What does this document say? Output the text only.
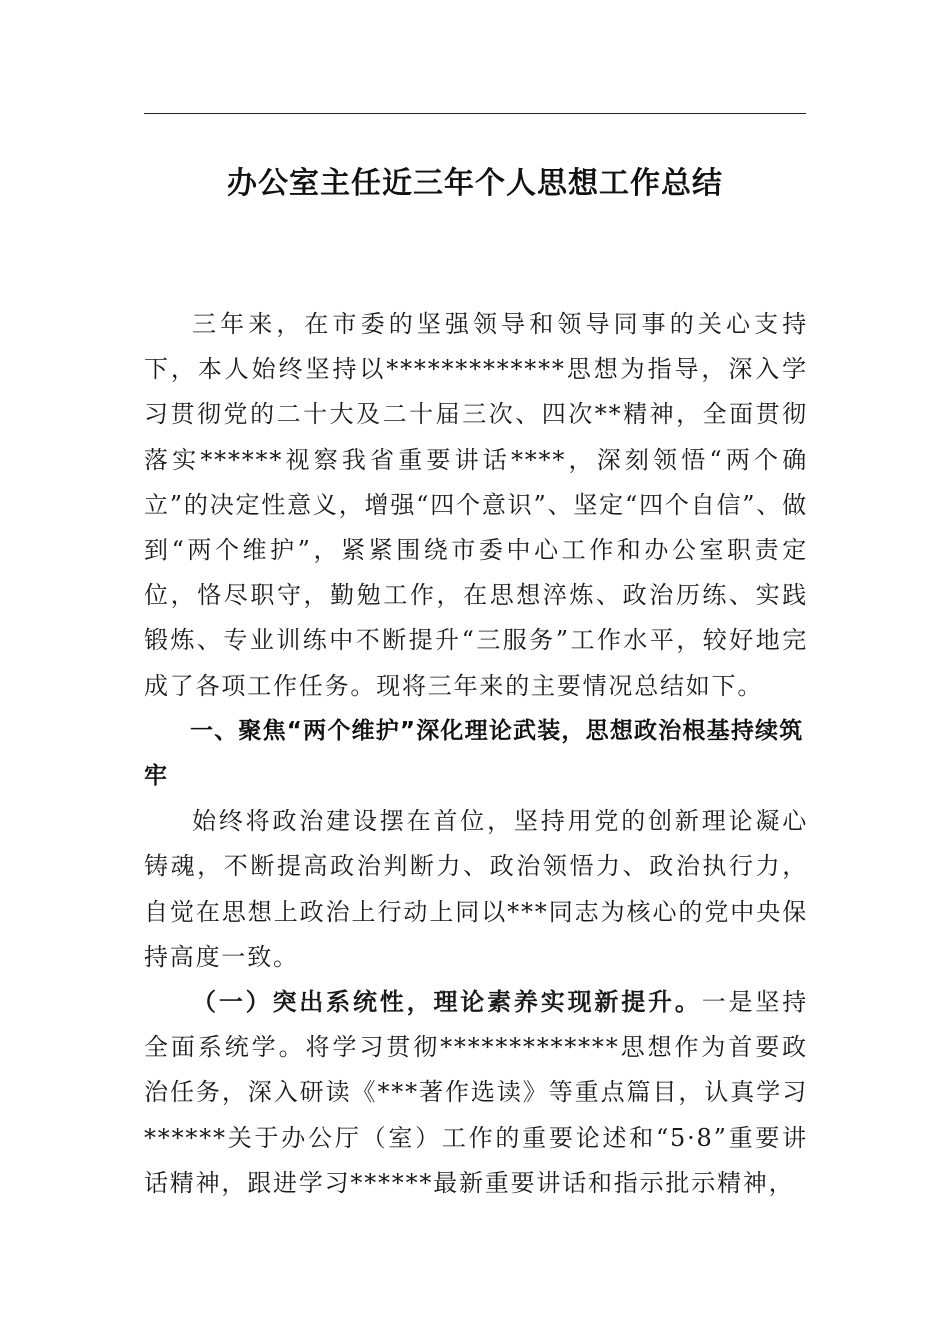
办公室主任近三年个人思想工作总结

三年来，在市委的坚强领导和领导同事的关心支持下，本人始终坚持以*************思想为指导，深入学习贯彻党的二十大及二十届三次、四次**精神，全面贯彻落实******视察我省重要讲话****，深刻领悟“两个确立”的决定性意义，增强“四个意识”、坚定“四个自信”、做到“两个维护”，紧紧围绕市委中心工作和办公室职责定位，恪尽职守，勤勉工作，在思想淬炼、政治历练、实践锻炼、专业训练中不断提升“三服务”工作水平，较好地完成了各项工作任务。现将三年来的主要情况总结如下。

一、聚焦“两个维护”深化理论武装，思想政治根基持续筑牢

始终将政治建设摆在首位，坚持用党的创新理论凝心铸魂，不断提高政治判断力、政治领悟力、政治执行力，自觉在思想上政治上行动上同以***同志为核心的党中央保持高度一致。

（一）突出系统性，理论素养实现新提升。一是坚持全面系统学。将学习贯彻*************思想作为首要政治任务，深入研读《***著作选读》等重点篇目，认真学习******关于办公厅（室）工作的重要论述和“5·8”重要讲话精神，跟进学习******最新重要讲话和指示批示精神，
